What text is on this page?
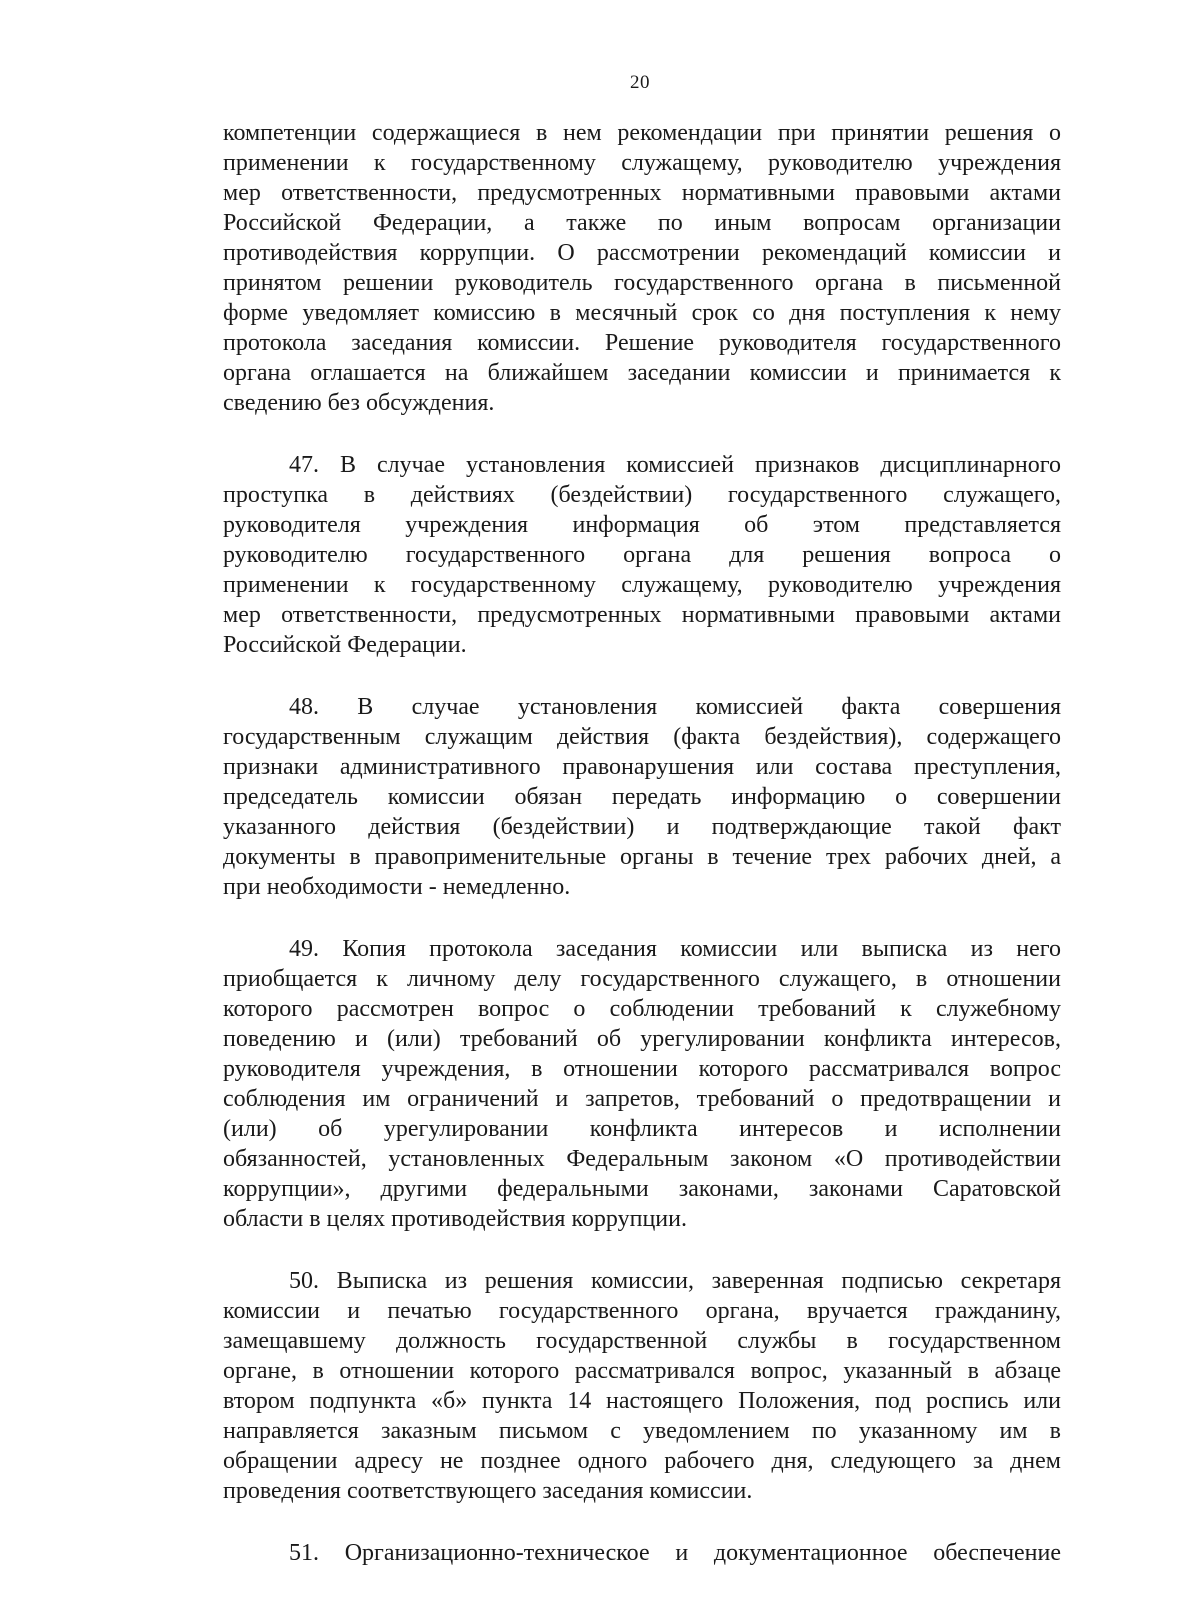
20
компетенции содержащиеся в нем рекомендации при принятии решения о
применении к государственному служащему, руководителю учреждения
мер ответственности, предусмотренных нормативными правовыми актами
Российской Федерации, а также по иным вопросам организации
противодействия коррупции. О рассмотрении рекомендаций комиссии и
принятом решении руководитель государственного органа в письменной
форме уведомляет комиссию в месячный срок со дня поступления к нему
протокола заседания комиссии. Решение руководителя государственного
органа оглашается на ближайшем заседании комиссии и принимается к
сведению без обсуждения.
47. В случае установления комиссией признаков дисциплинарного
проступка в действиях (бездействии) государственного служащего,
руководителя учреждения информация об этом представляется
руководителю государственного органа для решения вопроса о
применении к государственному служащему, руководителю учреждения
мер ответственности, предусмотренных нормативными правовыми актами
Российской Федерации.
48. В случае установления комиссией факта совершения
государственным служащим действия (факта бездействия), содержащего
признаки административного правонарушения или состава преступления,
председатель комиссии обязан передать информацию о совершении
указанного действия (бездействии) и подтверждающие такой факт
документы в правоприменительные органы в течение трех рабочих дней, а
при необходимости - немедленно.
49. Копия протокола заседания комиссии или выписка из него
приобщается к личному делу государственного служащего, в отношении
которого рассмотрен вопрос о соблюдении требований к служебному
поведению и (или) требований об урегулировании конфликта интересов,
руководителя учреждения, в отношении которого рассматривался вопрос
соблюдения им ограничений и запретов, требований о предотвращении и
(или) об урегулировании конфликта интересов и исполнении
обязанностей, установленных Федеральным законом «О противодействии
коррупции», другими федеральными законами, законами Саратовской
области в целях противодействия коррупции.
50. Выписка из решения комиссии, заверенная подписью секретаря
комиссии и печатью государственного органа, вручается гражданину,
замещавшему должность государственной службы в государственном
органе, в отношении которого рассматривался вопрос, указанный в абзаце
втором подпункта «б» пункта 14 настоящего Положения, под роспись или
направляется заказным письмом с уведомлением по указанному им в
обращении адресу не позднее одного рабочего дня, следующего за днем
проведения соответствующего заседания комиссии.
51. Организационно-техническое и документационное обеспечение
